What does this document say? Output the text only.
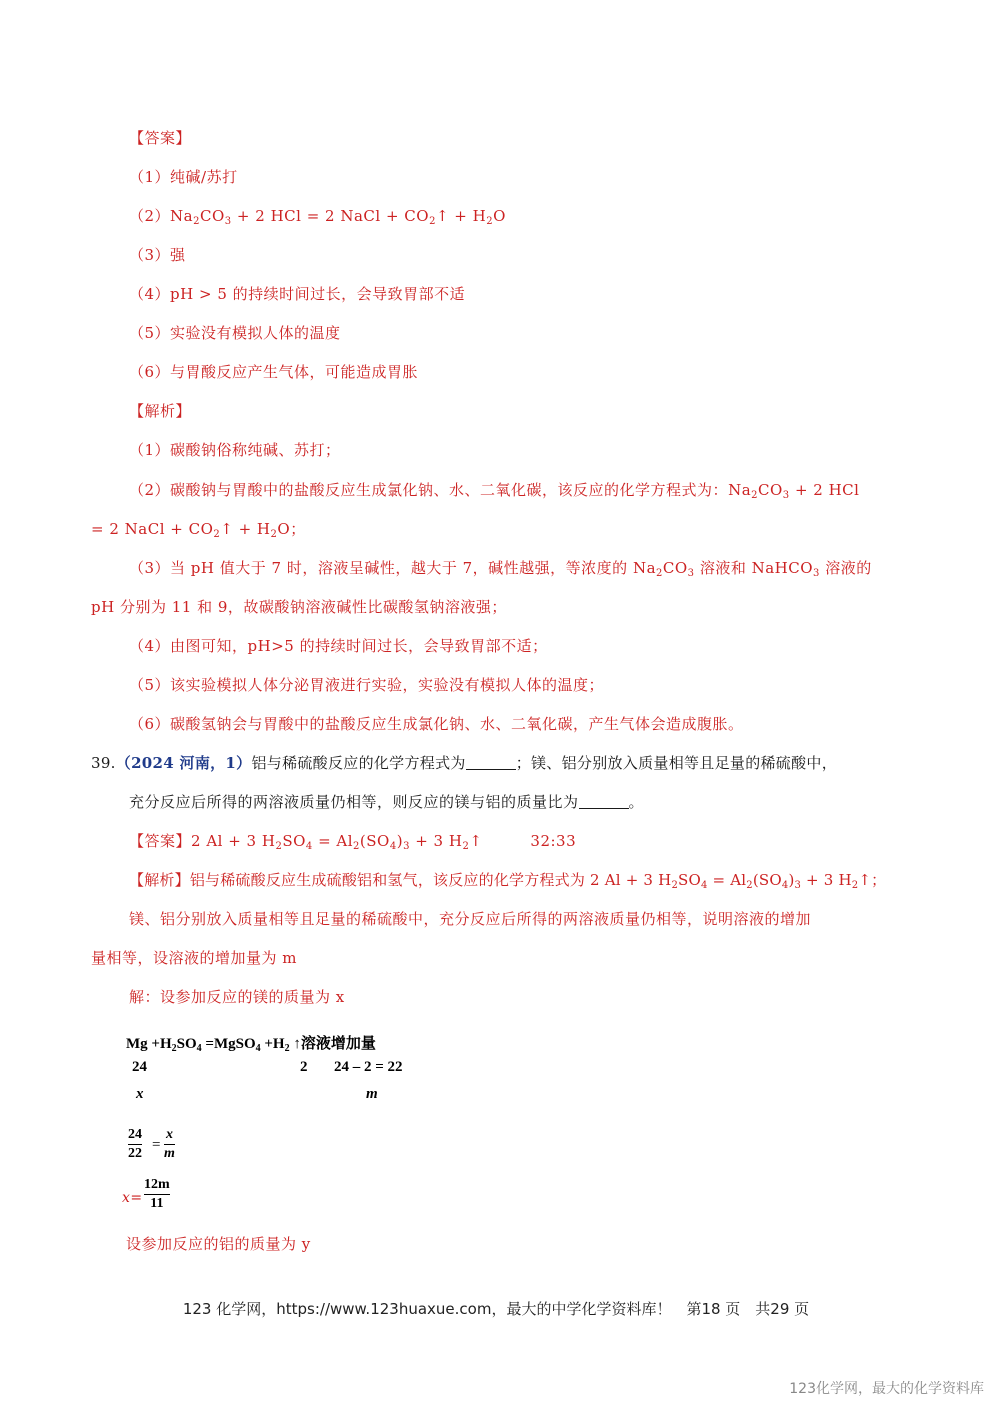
【答案】
（1）纯碱/苏打
$(2)Na_2CO_3 + 2$ HCl = 2 NaCl + $CO_2↑ + H_2O$
（3）强
（4）pH > 5 的持续时间过长，会导致胃部不适
（5）实验没有模拟人体的温度
（6）与胃酸反应产生气体，可能造成胃胀
【解析】
（1）碳酸钠俗称纯碱、苏打；
（2）碳酸钠与胃酸中的盐酸反应生成氯化钠、水、二氧化碳，该反应的化学方程式为：$Na_2CO_3 + 2$ HCl
= 2 NaCl + $CO_2↑ + H_2O$；
（3）当 pH 值大于 7 时，溶液呈碱性，越大于 7，碱性越强，等浓度的 $Na_2CO_3$ 溶液和 NaHCO$_3$ 溶液的
pH 分别为 11 和 9，故碳酸钠溶液碱性比碳酸氢钠溶液强；
（4）由图可知，pH>5 的持续时间过长，会导致胃部不适；
（5）该实验模拟人体分泌胃液进行实验，实验没有模拟人体的温度；
（6）碳酸氢钠会与胃酸中的盐酸反应生成氯化钠、水、二氧化碳，产生气体会造成腹胀。
39.（2024 河南，1）铝与稀硫酸反应的化学方程式为	；镁、铝分别放入质量相等且足量的稀硫酸中，
充分反应后所得的两溶液质量仍相等，则反应的镁与铝的质量比为	。
【答案】2 Al + 3 $H_2SO_4 = Al_2(SO_4)_3 + 3$ $H_2↑$	32:33
【解析】铝与稀硫酸反应生成硫酸铝和氢气，该反应的化学方程式为 2 Al + 3 $H_2SO_4 = Al_2(SO_4)_3 + 3$ $H_2↑$；
镁、铝分别放入质量相等且足量的稀硫酸中，充分反应后所得的两溶液质量仍相等，说明溶液的增加
量相等，设溶液的增加量为 m
解：设参加反应的镁的质量为 x
$Mg +H_2SO_4$ =MgSO$_4$ $+H_2$ ↑溶液增加量
24	2 24 – 2 = 22
x	m
24
22
=
x
m
x=
12m
11
设参加反应的铝的质量为 y
123 化学网，https://www.123huaxue.com，最大的中学化学资料库！　第18 页　共29 页
123化学网，最大的化学资料库
